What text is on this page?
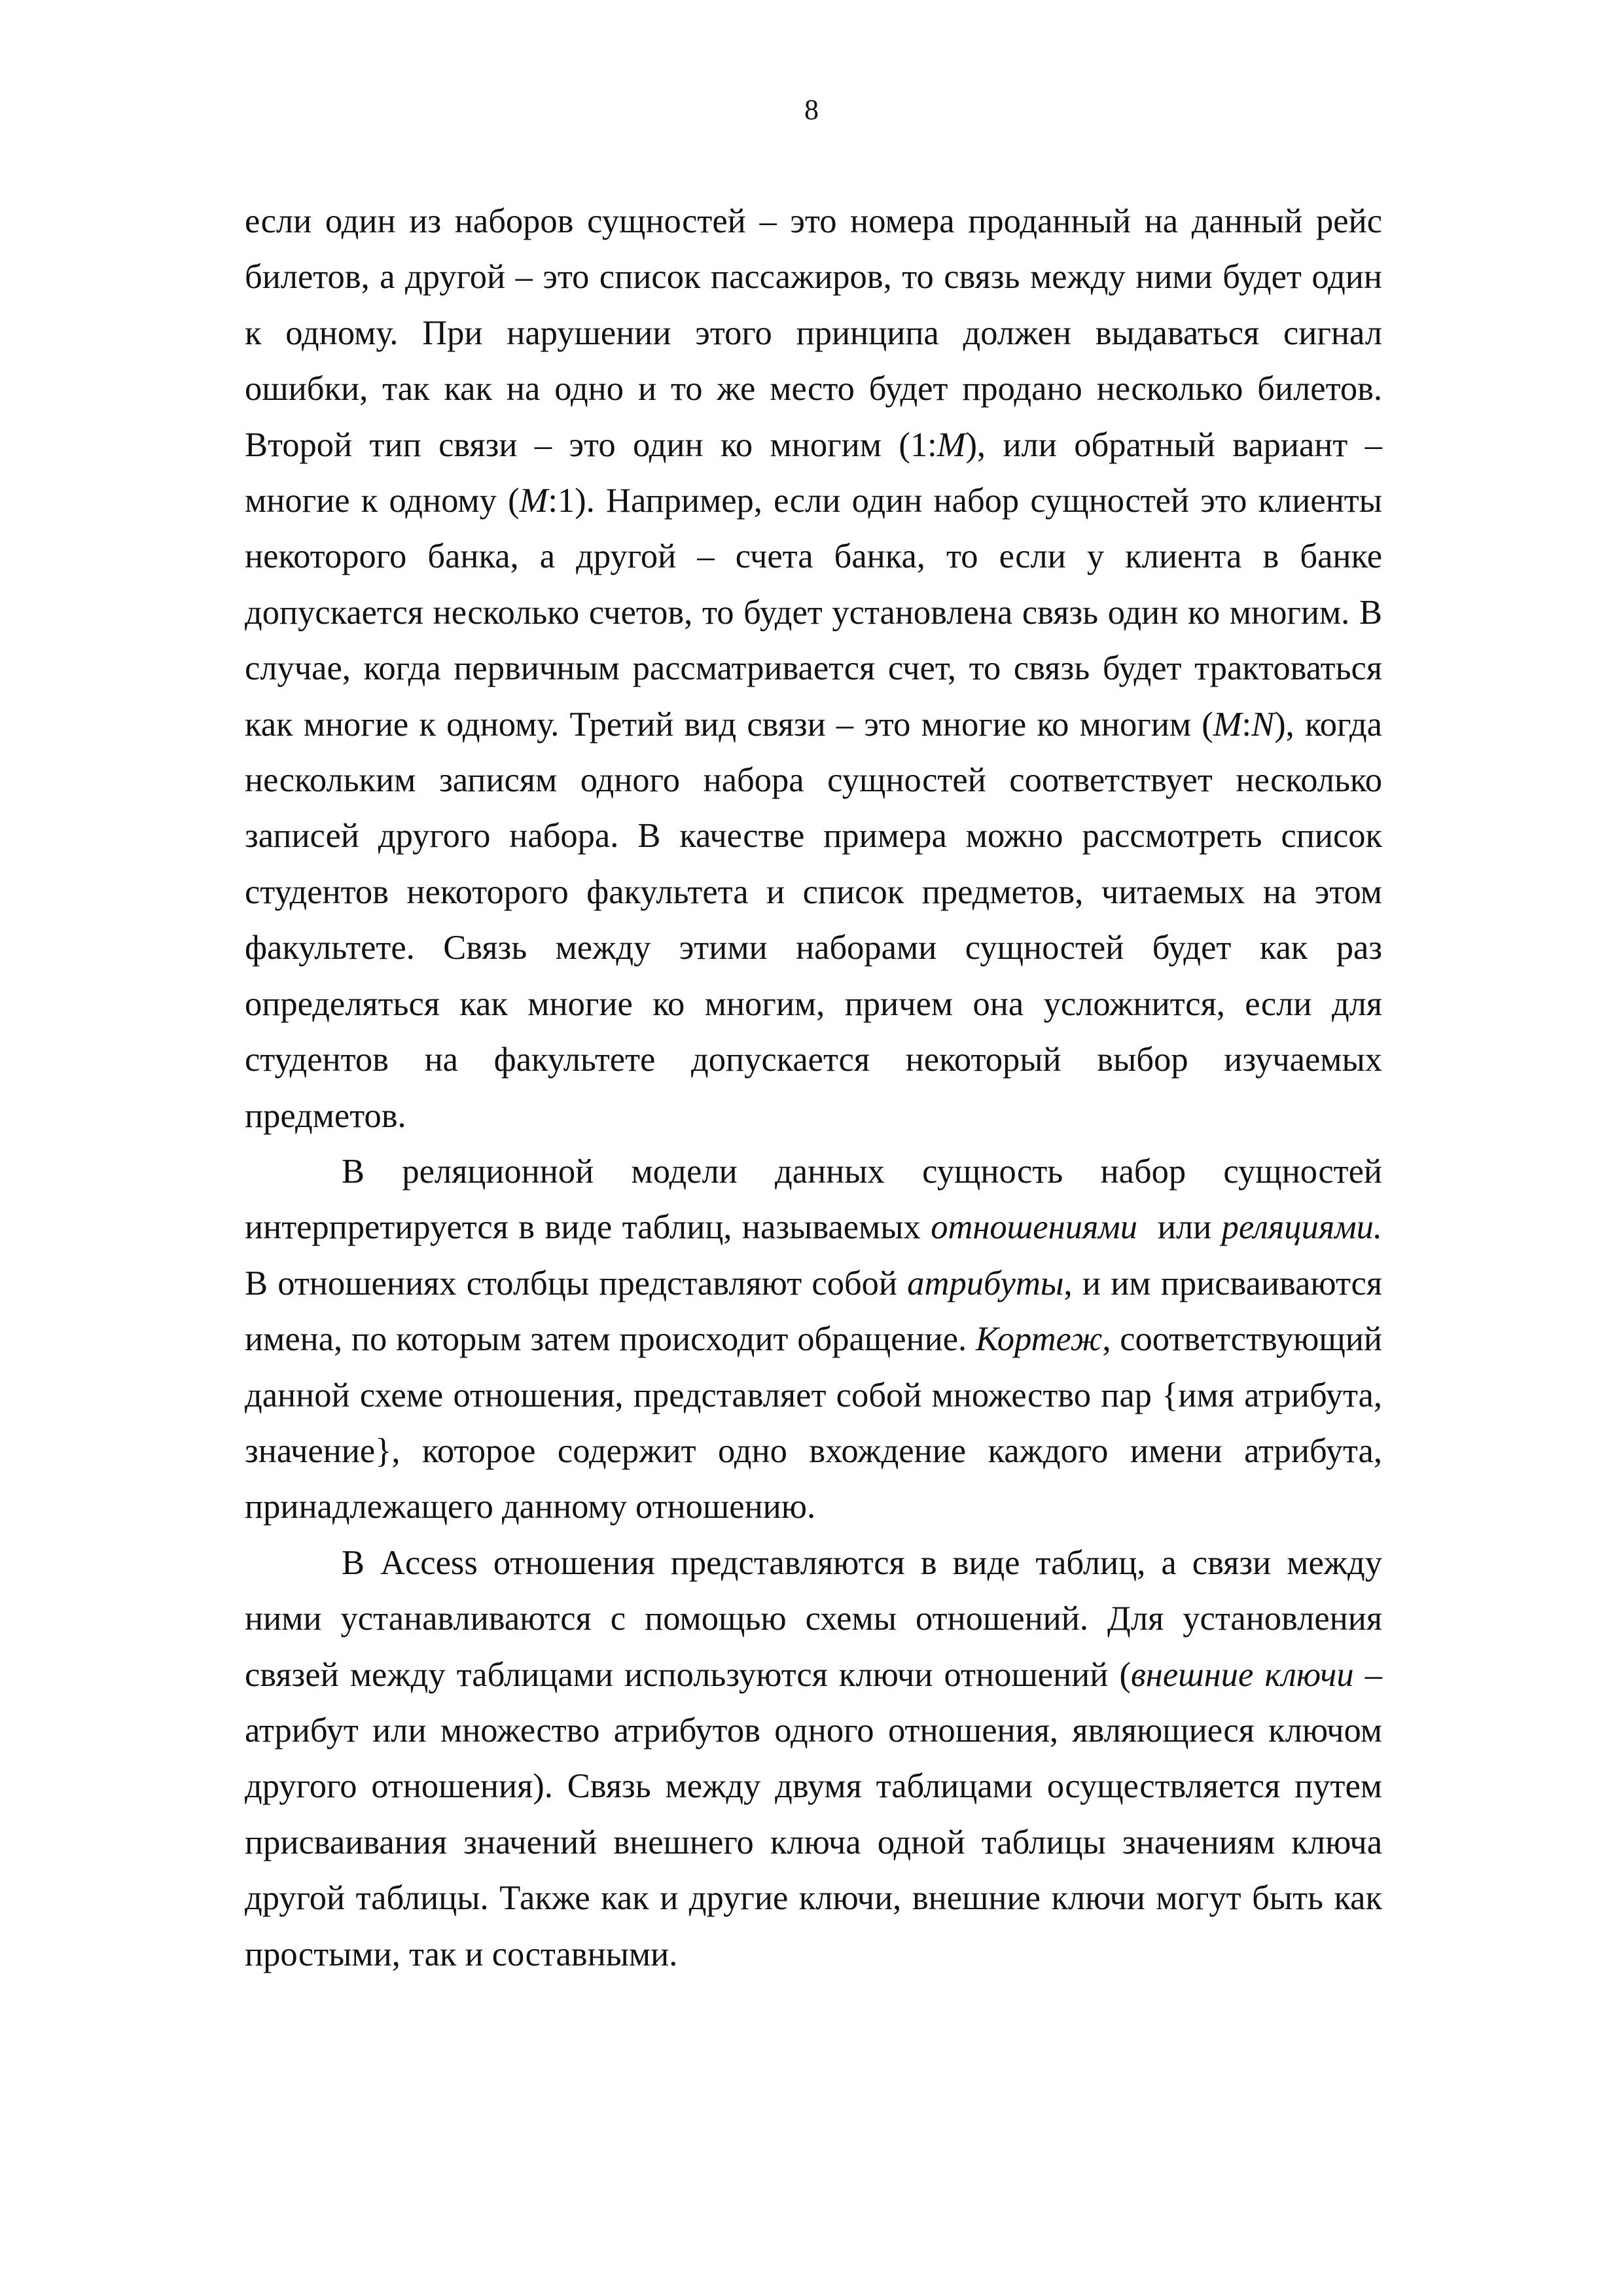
8

если один из наборов сущностей – это номера проданный на данный рейс билетов, а другой – это список пассажиров, то связь между ними будет один к одному. При нарушении этого принципа должен выдаваться сигнал ошибки, так как на одно и то же место будет продано несколько билетов. Второй тип связи – это один ко многим (1:M), или обратный вариант – многие к одному (M:1). Например, если один набор сущностей это клиенты некоторого банка, а другой – счета банка, то если у клиента в банке допускается несколько счетов, то будет установлена связь один ко многим. В случае, когда первичным рассматривается счет, то связь будет трактоваться как многие к одному. Третий вид связи – это многие ко многим (M:N), когда нескольким записям одного набора сущностей соответствует несколько записей другого набора. В качестве примера можно рассмотреть список студентов некоторого факультета и список предметов, читаемых на этом факультете. Связь между этими наборами сущностей будет как раз определяться как многие ко многим, причем она усложнится, если для студентов на факультете допускается некоторый выбор изучаемых предметов.

В реляционной модели данных сущность набор сущностей интерпретируется в виде таблиц, называемых отношениями  или реляциями. В отношениях столбцы представляют собой атрибуты, и им присваиваются имена, по которым затем происходит обращение. Кортеж, соответствующий данной схеме отношения, представляет собой множество пар {имя атрибута, значение}, которое содержит одно вхождение каждого имени атрибута, принадлежащего данному отношению.

В Access отношения представляются в виде таблиц, а связи между ними устанавливаются с помощью схемы отношений. Для установления связей между таблицами используются ключи отношений (внешние ключи – атрибут или множество атрибутов одного отношения, являющиеся ключом другого отношения). Связь между двумя таблицами осуществляется путем присваивания значений внешнего ключа одной таблицы значениям ключа другой таблицы. Также как и другие ключи, внешние ключи могут быть как простыми, так и составными.
